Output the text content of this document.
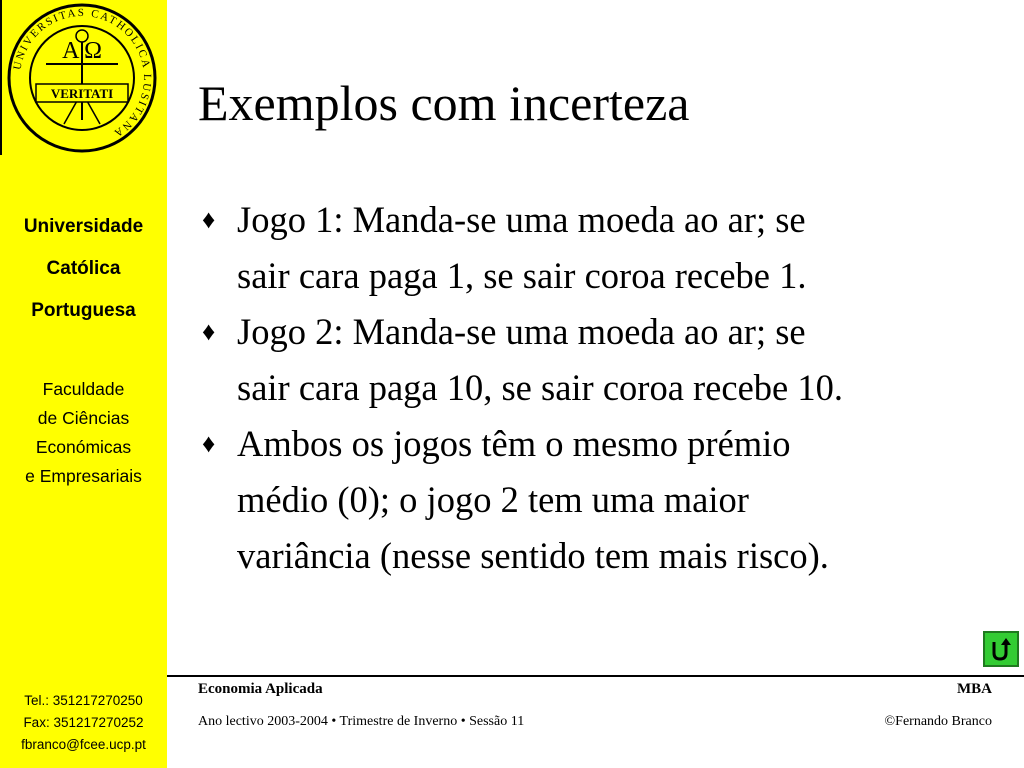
UNIVERSITAS CATHOLICA LUSITANA
A Ω
VERITATI
Universidade
Católica
Portuguesa
Faculdade
de Ciências
Económicas
e Empresariais
Tel.: 351217270250
Fax: 351217270252
fbranco@fcee.ucp.pt
Exemplos com incerteza
♦ Jogo 1: Manda-se uma moeda ao ar; se
sair cara paga 1, se sair coroa recebe 1.
♦ Jogo 2: Manda-se uma moeda ao ar; se
sair cara paga 10, se sair coroa recebe 10.
♦ Ambos os jogos têm o mesmo prémio
médio (0); o jogo 2 tem uma maior
variância (nesse sentido tem mais risco).
Economia Aplicada	MBA
Ano lectivo 2003-2004 • Trimestre de Inverno • Sessão 11	©Fernando Branco
